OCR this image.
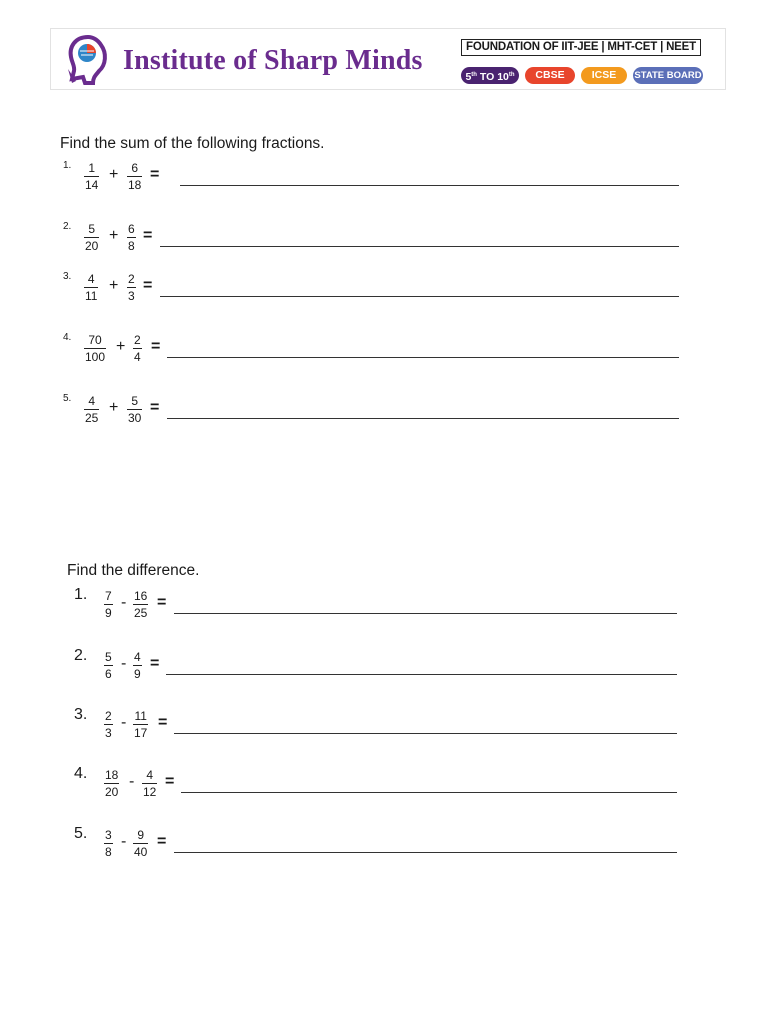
Institute of Sharp Minds	FOUNDATION OF IIT-JEE | MHT-CET | NEET
5th TO 10th	CBSE	ICSE	STATE BOARD
Find the sum of the following fractions.
1. 1
14
+ 6
18
=
2. 5
20
+ 6
8
=
3. 4
11
+ 2
3
=
4. 70
100
+ 2
4
=
5. 4
25
+ 5
30
=
Find the difference.
1. 7
9
- 16
25
=
2. 5
6
- 4
9
=
3. 2
3
- 11
17
=
4. 18
20
- 4
12
=
5. 3
8
- 9
40
=
